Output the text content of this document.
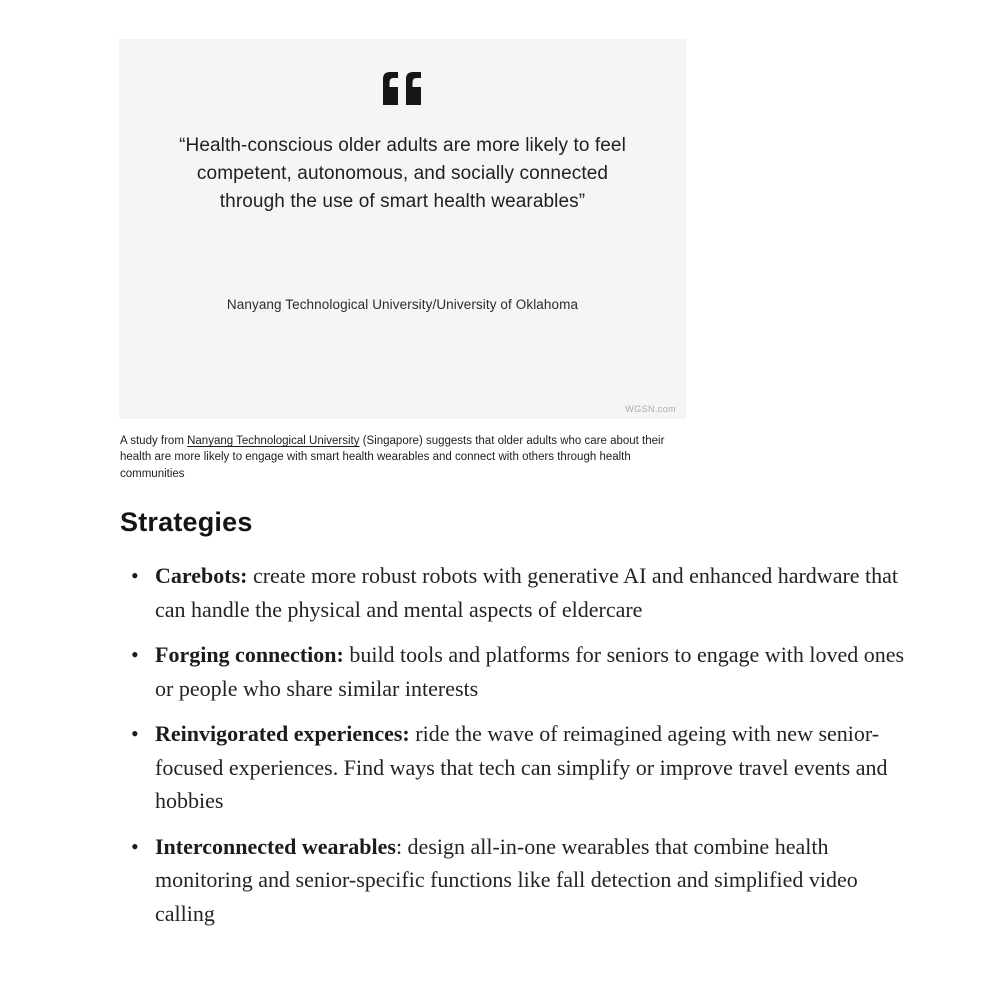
“Health-conscious older adults are more likely to feel competent, autonomous, and socially connected through the use of smart health wearables”
Nanyang Technological University/University of Oklahoma
WGSN.com

A study from Nanyang Technological University (Singapore) suggests that older adults who care about their health are more likely to engage with smart health wearables and connect with others through health communities

Strategies
• Carebots: create more robust robots with generative AI and enhanced hardware that can handle the physical and mental aspects of eldercare
• Forging connection: build tools and platforms for seniors to engage with loved ones or people who share similar interests
• Reinvigorated experiences: ride the wave of reimagined ageing with new senior-focused experiences. Find ways that tech can simplify or improve travel events and hobbies
• Interconnected wearables: design all-in-one wearables that combine health monitoring and senior-specific functions like fall detection and simplified video calling
